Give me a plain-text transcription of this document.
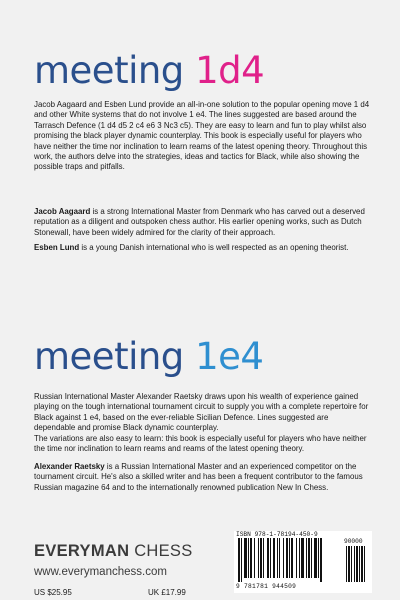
meeting 1d4

Jacob Aagaard and Esben Lund provide an all-in-one solution to the popular opening move 1 d4 and other White systems that do not involve 1 e4. The lines suggested are based around the Tarrasch Defence (1 d4 d5 2 c4 e6 3 Nc3 c5). They are easy to learn and fun to play whilst also promising the black player dynamic counterplay. This book is especially useful for players who have neither the time nor inclination to learn reams of the latest opening theory. Throughout this work, the authors delve into the strategies, ideas and tactics for Black, while also showing the possible traps and pitfalls.

Jacob Aagaard is a strong International Master from Denmark who has carved out a deserved reputation as a diligent and outspoken chess author. His earlier opening works, such as Dutch Stonewall, have been widely admired for the clarity of their approach.

Esben Lund is a young Danish international who is well respected as an opening theorist.

meeting 1e4
Russian International Master Alexander Raetsky draws upon his wealth of experience gained playing on the tough international tournament circuit to supply you with a complete repertoire for Black against 1 e4, based on the ever-reliable Sicilian Defence. Lines suggested are dependable and promise Black dynamic counterplay.
The variations are also easy to learn: this book is especially useful for players who have neither the time nor inclination to learn reams and reams of the latest opening theory.

Alexander Raetsky is a Russian International Master and an experienced competitor on the tournament circuit. He's also a skilled writer and has been a frequent contributor to the famous Russian magazine 64 and to the internationally renowned publication New In Chess.

EVERYMAN CHESS
www.everymanchess.com
US $25.95	UK £17.99
ISBN 978-1-78194-450-9
90000
9 781781 944509
